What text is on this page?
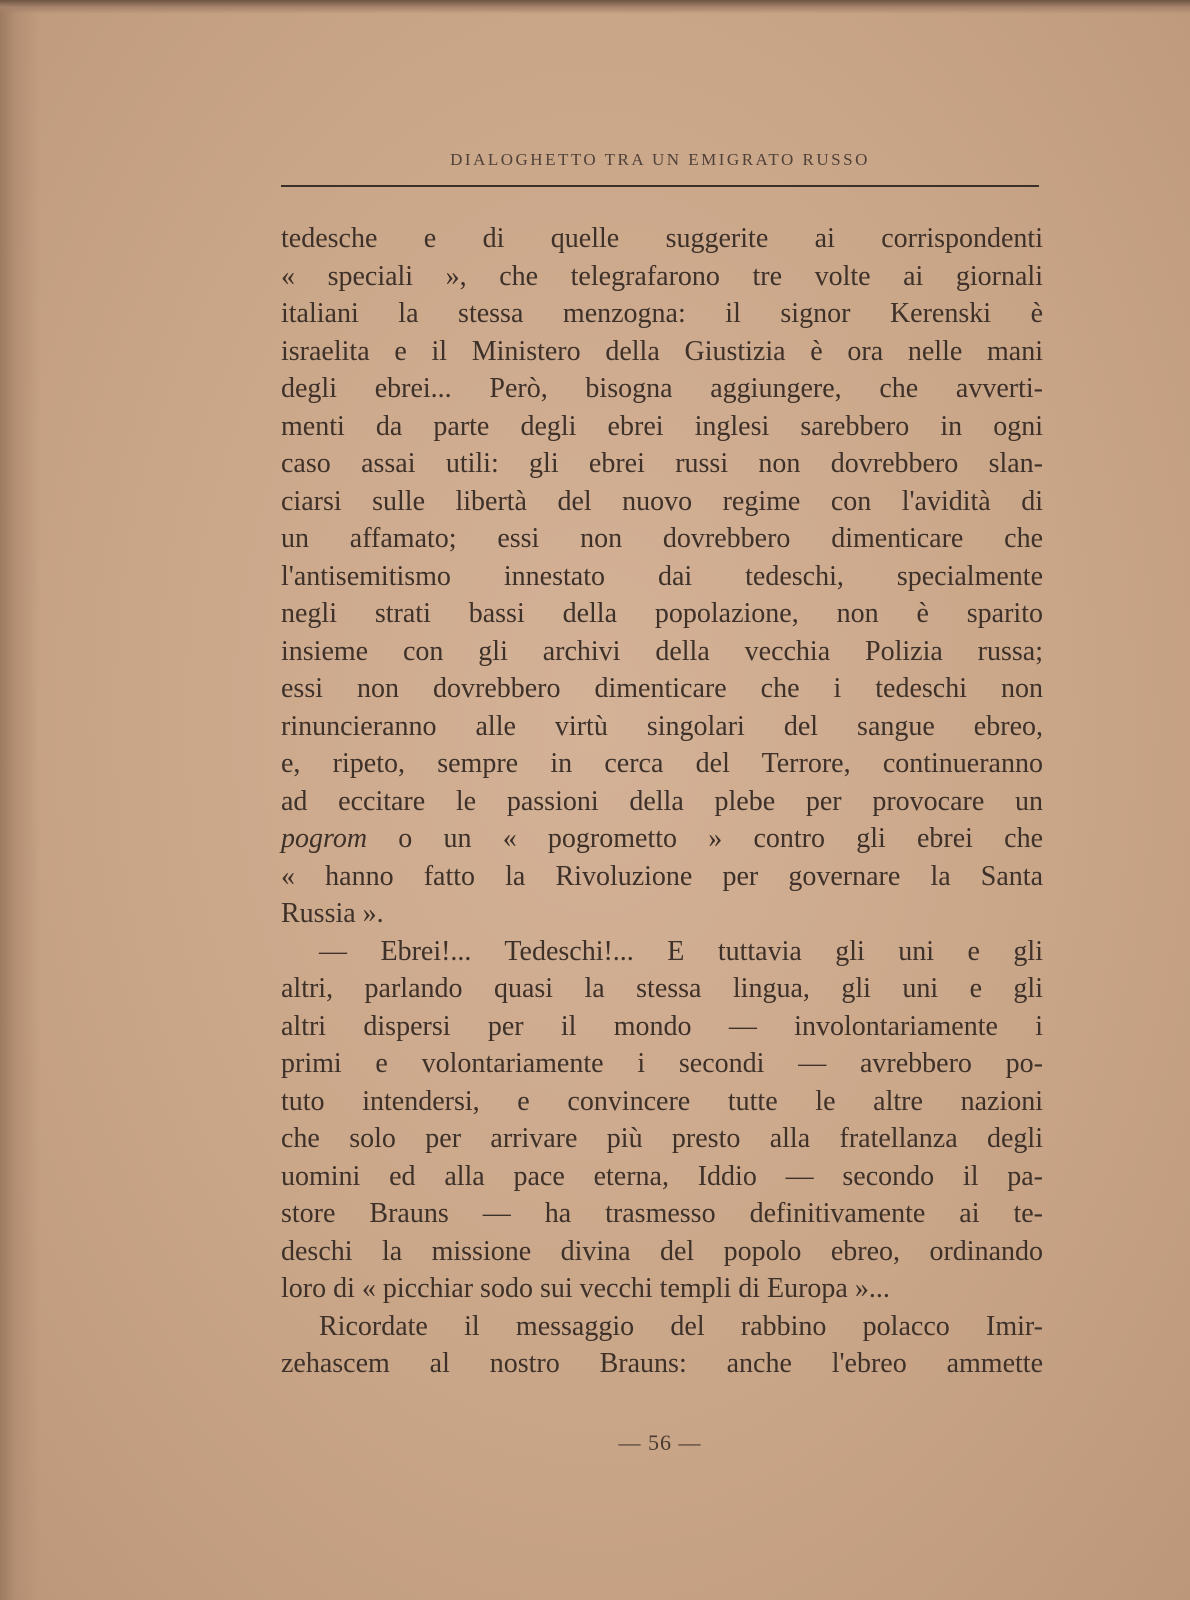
DIALOGHETTO TRA UN EMIGRATO RUSSO
tedesche e di quelle suggerite ai corrispondenti
« speciali », che telegrafarono tre volte ai giornali
italiani la stessa menzogna: il signor Kerenski è
israelita e il Ministero della Giustizia è ora nelle mani
degli ebrei... Però, bisogna aggiungere, che avverti-
menti da parte degli ebrei inglesi sarebbero in ogni
caso assai utili: gli ebrei russi non dovrebbero slan-
ciarsi sulle libertà del nuovo regime con l'avidità di
un affamato; essi non dovrebbero dimenticare che
l'antisemitismo innestato dai tedeschi, specialmente
negli strati bassi della popolazione, non è sparito
insieme con gli archivi della vecchia Polizia russa;
essi non dovrebbero dimenticare che i tedeschi non
rinuncieranno alle virtù singolari del sangue ebreo,
e, ripeto, sempre in cerca del Terrore, continueranno
ad eccitare le passioni della plebe per provocare un
pogrom o un « pogrometto » contro gli ebrei che
« hanno fatto la Rivoluzione per governare la Santa
Russia ».
— Ebrei!... Tedeschi!... E tuttavia gli uni e gli
altri, parlando quasi la stessa lingua, gli uni e gli
altri dispersi per il mondo — involontariamente i
primi e volontariamente i secondi — avrebbero po-
tuto intendersi, e convincere tutte le altre nazioni
che solo per arrivare più presto alla fratellanza degli
uomini ed alla pace eterna, Iddio — secondo il pa-
store Brauns — ha trasmesso definitivamente ai te-
deschi la missione divina del popolo ebreo, ordinando
loro di « picchiar sodo sui vecchi templi di Europa »...
Ricordate il messaggio del rabbino polacco Imir-
zehascem al nostro Brauns: anche l'ebreo ammette
— 56 —
